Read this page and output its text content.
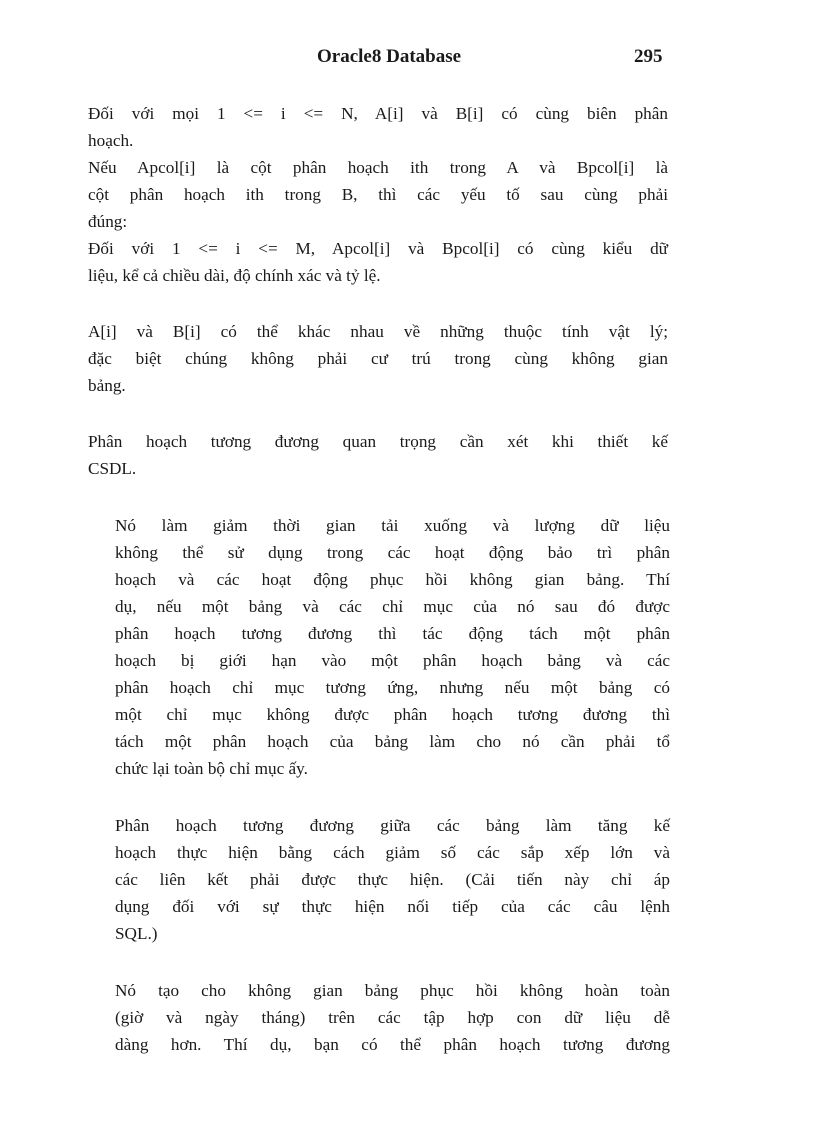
Oracle8 Database	295
Đối với mọi 1 <= i <= N, A[i] và B[i] có cùng biên phân
hoạch.
Nếu Apcol[i] là cột phân hoạch ith trong A và Bpcol[i] là
cột phân hoạch ith trong B, thì các yếu tố sau cùng phải
đúng:
Đối với 1 <= i <= M, Apcol[i] và Bpcol[i] có cùng kiểu dữ
liệu, kể cả chiều dài, độ chính xác và tỷ lệ.
A[i] và B[i] có thể khác nhau về những thuộc tính vật lý;
đặc biệt chúng không phải cư trú trong cùng không gian
bảng.
Phân hoạch tương đương quan trọng cần xét khi thiết kế
CSDL.
Nó làm giảm thời gian tải xuống và lượng dữ liệu
không thể sử dụng trong các hoạt động bảo trì phân
hoạch và các hoạt động phục hồi không gian bảng. Thí
dụ, nếu một bảng và các chỉ mục của nó sau đó được
phân hoạch tương đương thì tác động tách một phân
hoạch bị giới hạn vào một phân hoạch bảng và các
phân hoạch chỉ mục tương ứng, nhưng nếu một bảng có
một chỉ mục không được phân hoạch tương đương thì
tách một phân hoạch của bảng làm cho nó cần phải tổ
chức lại toàn bộ chỉ mục ấy.
Phân hoạch tương đương giữa các bảng làm tăng kế
hoạch thực hiện bằng cách giảm số các sắp xếp lớn và
các liên kết phải được thực hiện. (Cải tiến này chỉ áp
dụng đối với sự thực hiện nối tiếp của các câu lệnh
SQL.)
Nó tạo cho không gian bảng phục hồi không hoàn toàn
(giờ và ngày tháng) trên các tập hợp con dữ liệu dễ
dàng hơn. Thí dụ, bạn có thể phân hoạch tương đương
